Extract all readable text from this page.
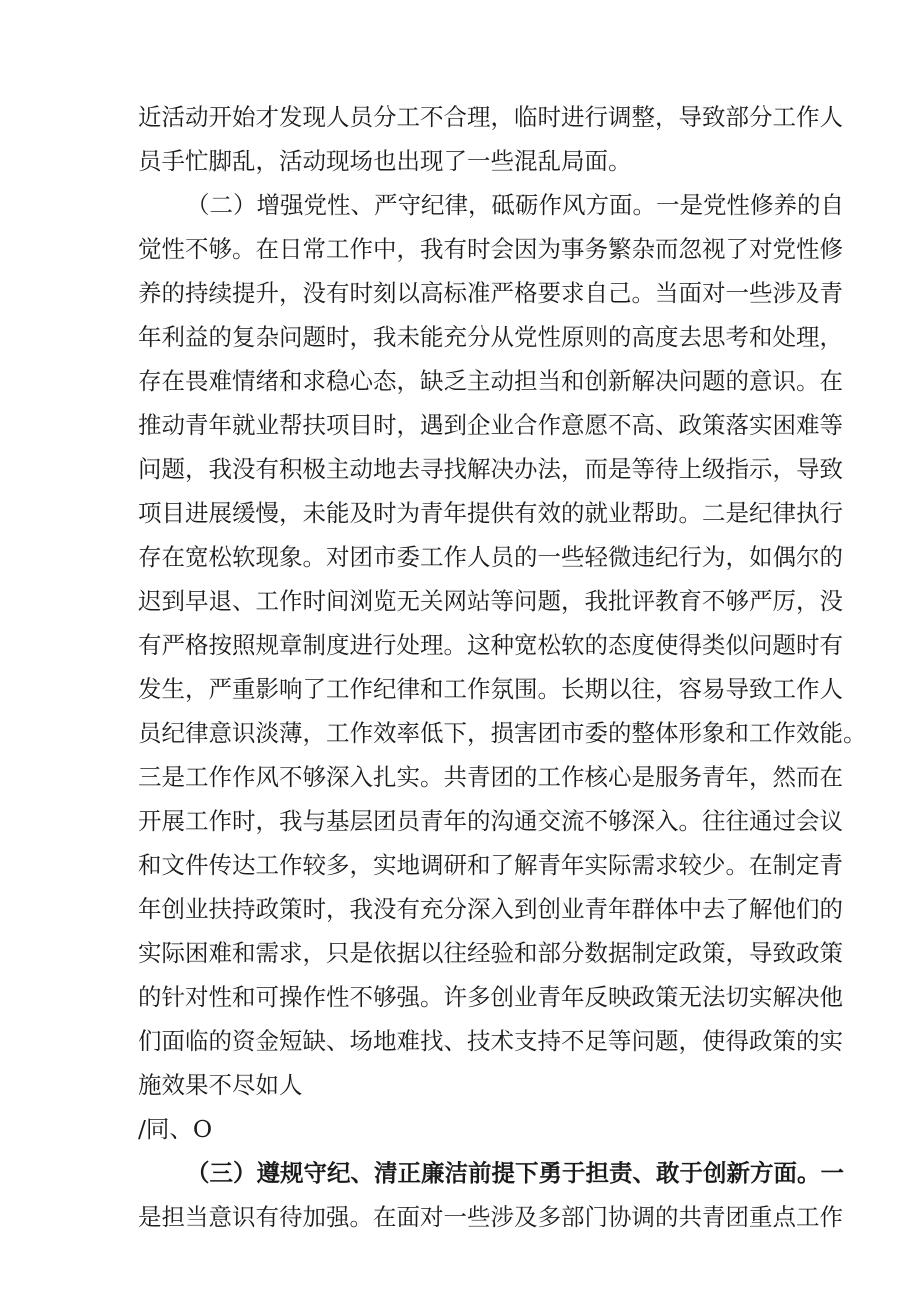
近活动开始才发现人员分工不合理，临时进行调整，导致部分工作人
员手忙脚乱，活动现场也出现了一些混乱局面。
（二）增强党性、严守纪律，砥砺作风方面。一是党性修养的自
觉性不够。在日常工作中，我有时会因为事务繁杂而忽视了对党性修
养的持续提升，没有时刻以高标准严格要求自己。当面对一些涉及青
年利益的复杂问题时，我未能充分从党性原则的高度去思考和处理，
存在畏难情绪和求稳心态，缺乏主动担当和创新解决问题的意识。在
推动青年就业帮扶项目时，遇到企业合作意愿不高、政策落实困难等
问题，我没有积极主动地去寻找解决办法，而是等待上级指示，导致
项目进展缓慢，未能及时为青年提供有效的就业帮助。二是纪律执行
存在宽松软现象。对团市委工作人员的一些轻微违纪行为，如偶尔的
迟到早退、工作时间浏览无关网站等问题，我批评教育不够严厉，没
有严格按照规章制度进行处理。这种宽松软的态度使得类似问题时有
发生，严重影响了工作纪律和工作氛围。长期以往，容易导致工作人
员纪律意识淡薄，工作效率低下，损害团市委的整体形象和工作效能。
三是工作作风不够深入扎实。共青团的工作核心是服务青年，然而在
开展工作时，我与基层团员青年的沟通交流不够深入。往往通过会议
和文件传达工作较多，实地调研和了解青年实际需求较少。在制定青
年创业扶持政策时，我没有充分深入到创业青年群体中去了解他们的
实际困难和需求，只是依据以往经验和部分数据制定政策，导致政策
的针对性和可操作性不够强。许多创业青年反映政策无法切实解决他
们面临的资金短缺、场地难找、技术支持不足等问题，使得政策的实
施效果不尽如人
/同、O
（三）遵规守纪、清正廉洁前提下勇于担责、敢于创新方面。一
是担当意识有待加强。在面对一些涉及多部门协调的共青团重点工作
